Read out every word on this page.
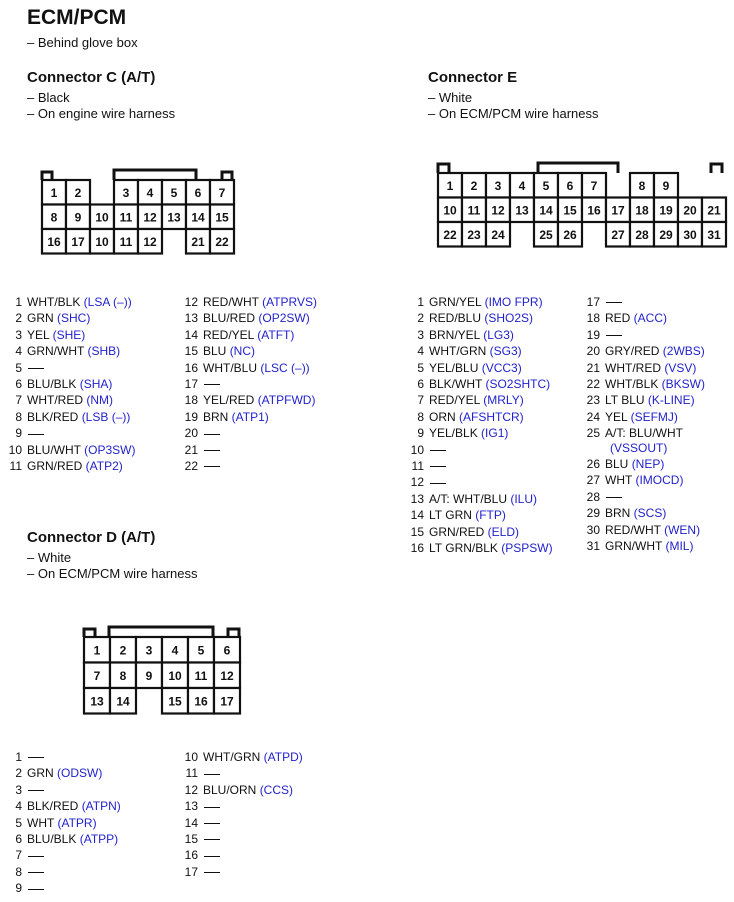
ECM/PCM
– Behind glove box
Connector C (A/T)
– Black
– On engine wire harness
1 2	3 4 5 6 7
8 9 10 11 12 13 14 15
16 17 10 11 12	21 22
1 2 3 4 5 6 7	8 9
10 11 12 13 14 15 16 17 18 19 20 21
22 23 24	25 26	27 28 29 30 31
1 2 3 4 5 6
7 8 9 10 11 12
13 14	15 16 17
1 WHT/BLK (LSA (–))
2 GRN (SHC)
3 YEL (SHE)
4 GRN/WHT (SHB)
5
6 BLU/BLK (SHA)
7 WHT/RED (NM)
8 BLK/RED (LSB (–))
9
10 BLU/WHT (OP3SW)
11 GRN/RED (ATP2)
12 RED/WHT (ATPRVS)
13 BLU/RED (OP2SW)
14 RED/YEL (ATFT)
15 BLU (NC)
16 WHT/BLU (LSC (–))
17
18 YEL/RED (ATPFWD)
19 BRN (ATP1)
20
21
22
Connector E
– White
– On ECM/PCM wire harness
1 GRN/YEL (IMO FPR)
2 RED/BLU (SHO2S)
3 BRN/YEL (LG3)
4 WHT/GRN (SG3)
5 YEL/BLU (VCC3)
6 BLK/WHT (SO2SHTC)
7 RED/YEL (MRLY)
8 ORN (AFSHTCR)
9 YEL/BLK (IG1)
10
11
12
13 A/T: WHT/BLU (ILU)
14 LT GRN (FTP)
15 GRN/RED (ELD)
16 LT GRN/BLK (PSPSW)
17
18 RED (ACC)
19
20 GRY/RED (2WBS)
21 WHT/RED (VSV)
22 WHT/BLK (BKSW)
23 LT BLU (K-LINE)
24 YEL (SEFMJ)
25 A/T: BLU/WHT
(VSSOUT)
26 BLU (NEP)
27 WHT (IMOCD)
28
29 BRN (SCS)
30 RED/WHT (WEN)
31 GRN/WHT (MIL)
Connector D (A/T)
– White
– On ECM/PCM wire harness
1
2 GRN (ODSW)
3
4 BLK/RED (ATPN)
5 WHT (ATPR)
6 BLU/BLK (ATPP)
7
8
9
10 WHT/GRN (ATPD)
11
12 BLU/ORN (CCS)
13
14
15
16
17
